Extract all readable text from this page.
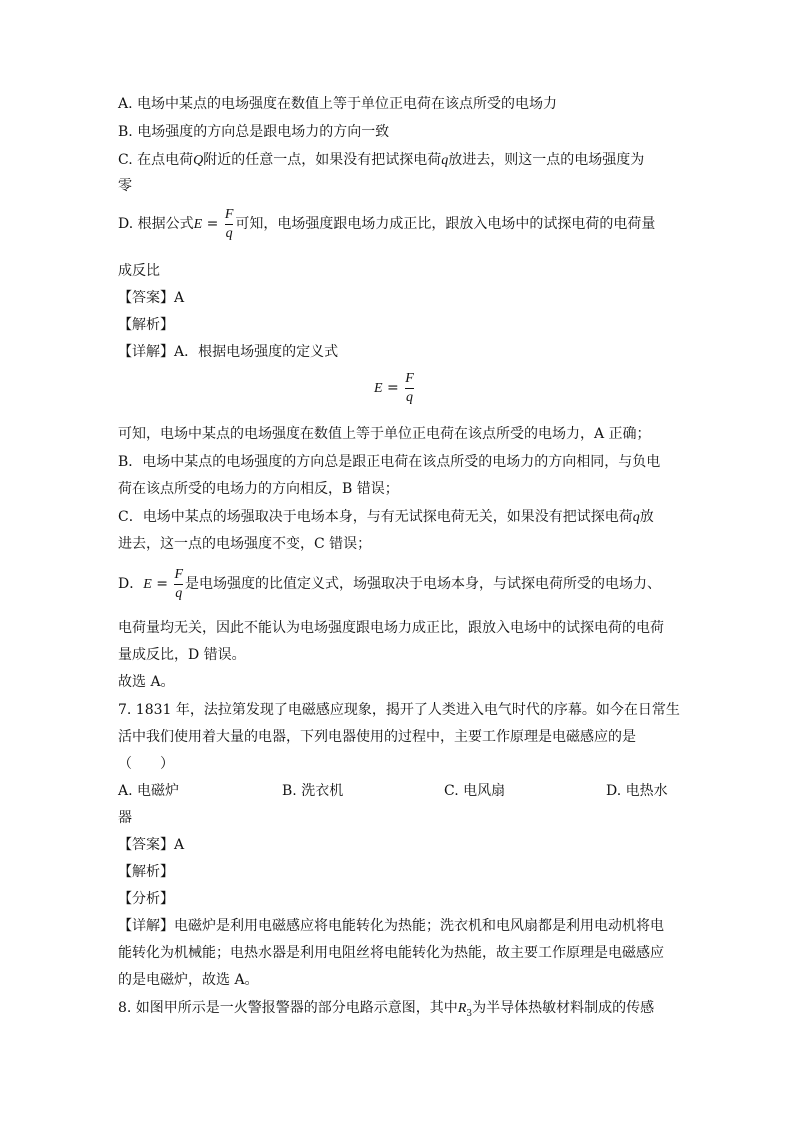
A. 电场中某点的电场强度在数值上等于单位正电荷在该点所受的电场力
B. 电场强度的方向总是跟电场力的方向一致
C. 在点电荷Q附近的任意一点，如果没有把试探电荷q放进去，则这一点的电场强度为
零
D. 根据公式$E = \frac{F}{q}$ 可知，电场强度跟电场力成正比，跟放入电场中的试探电荷的电荷量
成反比
【答案】A
【解析】
【详解】A．根据电场强度的定义式
$E = \frac{F}{q}$
可知，电场中某点的电场强度在数值上等于单位正电荷在该点所受的电场力，A 正确；
B．电场中某点的电场强度的方向总是跟正电荷在该点所受的电场力的方向相同，与负电
荷在该点所受的电场力的方向相反，B 错误；
C．电场中某点的场强取决于电场本身，与有无试探电荷无关，如果没有把试探电荷q放
进去，这一点的电场强度不变，C 错误；
D．$E = \frac{F}{q}$ 是电场强度的比值定义式，场强取决于电场本身，与试探电荷所受的电场力、
电荷量均无关，因此不能认为电场强度跟电场力成正比，跟放入电场中的试探电荷的电荷
量成反比，D 错误。
故选 A。
7. 1831 年，法拉第发现了电磁感应现象，揭开了人类进入电气时代的序幕。如今在日常生
活中我们使用着大量的电器，下列电器使用的过程中，主要工作原理是电磁感应的是
（　　）
A. 电磁炉	B. 洗衣机	C. 电风扇	D. 电热水
器
【答案】A
【解析】
【分析】
【详解】电磁炉是利用电磁感应将电能转化为热能；洗衣机和电风扇都是利用电动机将电
能转化为机械能；电热水器是利用电阻丝将电能转化为热能，故主要工作原理是电磁感应
的是电磁炉，故选 A。
8. 如图甲所示是一火警报警器的部分电路示意图，其中$R_3$为半导体热敏材料制成的传感
